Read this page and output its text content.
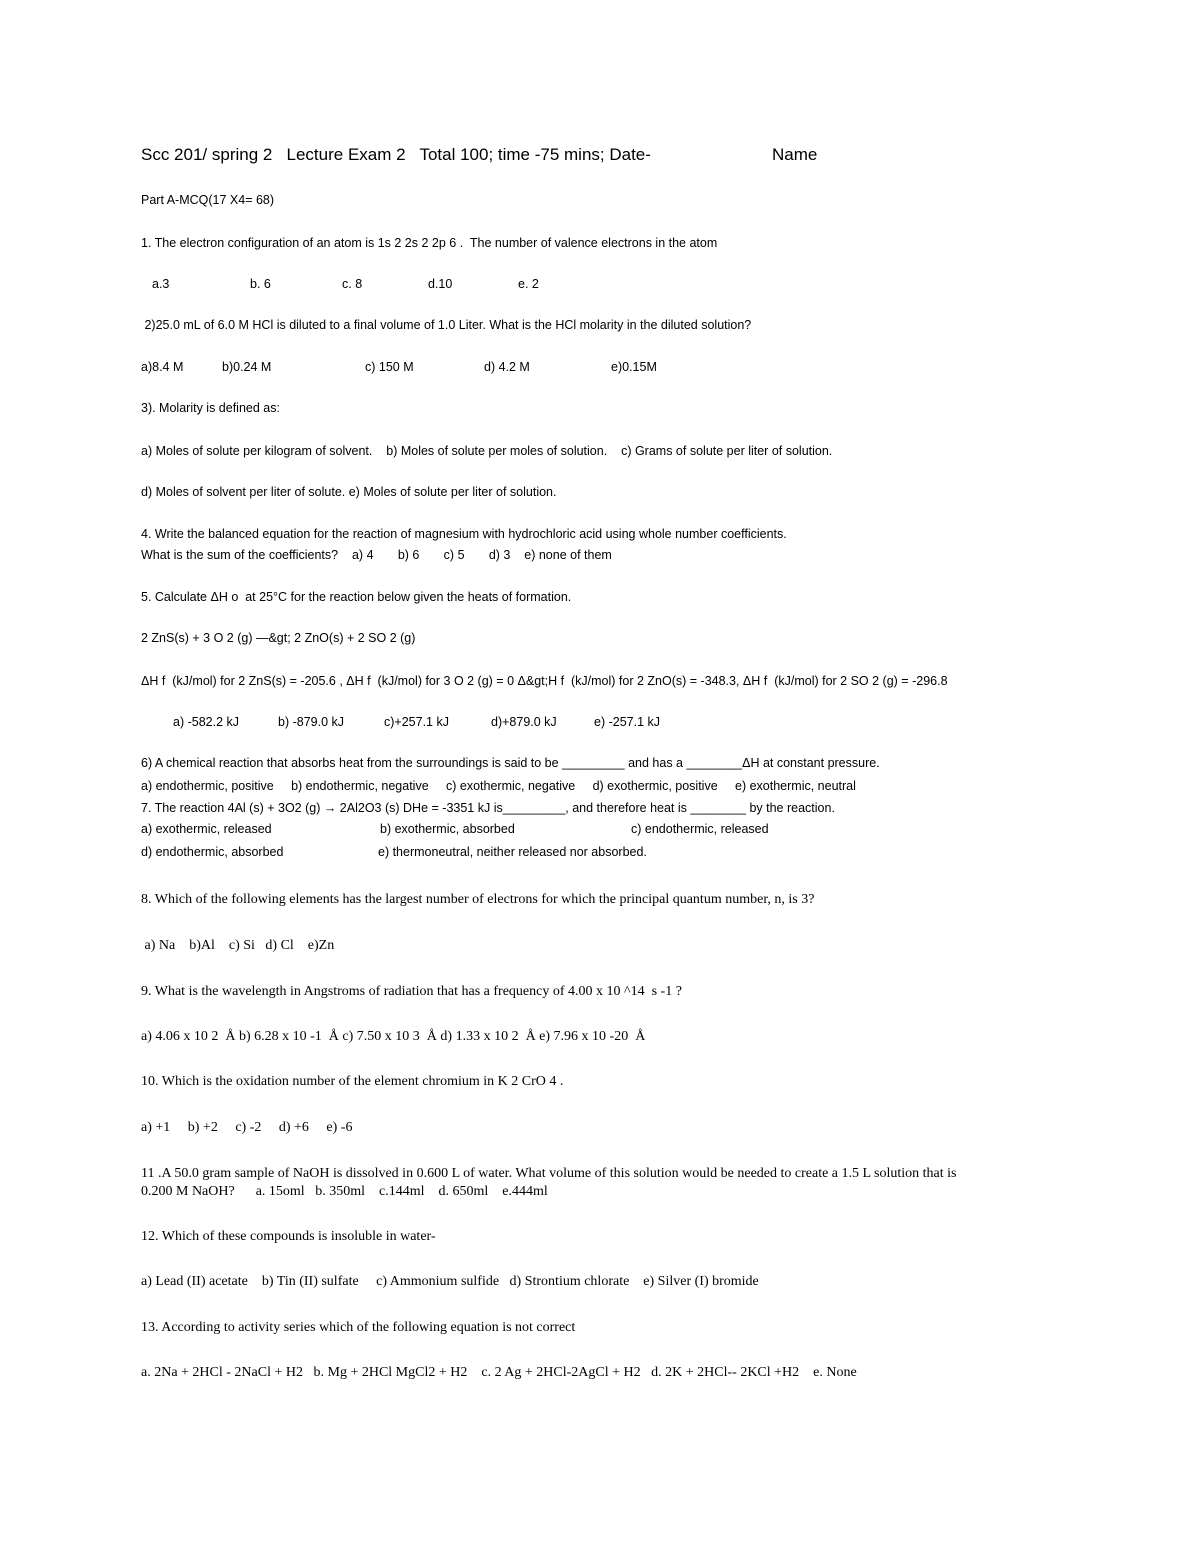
Scc 201/ spring 2   Lecture Exam 2   Total 100; time -75 mins; Date-	Name
Part A-MCQ(17 X4= 68)
1. The electron configuration of an atom is 1s 2 2s 2 2p 6 .  The number of valence electrons in the atom
a.3	b. 6	c. 8	d.10	e. 2
2)25.0 mL of 6.0 M HCl is diluted to a final volume of 1.0 Liter. What is the HCl molarity in the diluted solution?
a)8.4 M	b)0.24 M	c) 150 M	d) 4.2 M	e)0.15M
3). Molarity is defined as:
a) Moles of solute per kilogram of solvent.    b) Moles of solute per moles of solution.    c) Grams of solute per liter of solution.
d) Moles of solvent per liter of solute. e) Moles of solute per liter of solution.
4. Write the balanced equation for the reaction of magnesium with hydrochloric acid using whole number coefficients.
What is the sum of the coefficients?    a) 4       b) 6       c) 5       d) 3    e) none of them
5. Calculate ΔH o  at 25°C for the reaction below given the heats of formation.
2 ZnS(s) + 3 O 2 (g) —&gt; 2 ZnO(s) + 2 SO 2 (g)
ΔH f  (kJ/mol) for 2 ZnS(s) = -205.6 , ΔH f  (kJ/mol) for 3 O 2 (g) = 0 Δ&gt;H f  (kJ/mol) for 2 ZnO(s) = -348.3, ΔH f  (kJ/mol) for 2 SO 2 (g) = -296.8
a) -582.2 kJ	b) -879.0 kJ	c)+257.1 kJ	d)+879.0 kJ	e) -257.1 kJ
6) A chemical reaction that absorbs heat from the surroundings is said to be _________ and has a ________ΔH at constant pressure.
a) endothermic, positive     b) endothermic, negative     c) exothermic, negative     d) exothermic, positive     e) exothermic, neutral
7. The reaction 4Al (s) + 3O2 (g) → 2Al2O3 (s) DHe = -3351 kJ is_________, and therefore heat is ________ by the reaction.
a) exothermic, released	b) exothermic, absorbed	c) endothermic, released
d) endothermic, absorbed	e) thermoneutral, neither released nor absorbed.
8. Which of the following elements has the largest number of electrons for which the principal quantum number, n, is 3?
a) Na    b)Al    c) Si   d) Cl    e)Zn
9. What is the wavelength in Angstroms of radiation that has a frequency of 4.00 x 10 ^14  s -1 ?
a) 4.06 x 10 2  Å b) 6.28 x 10 -1  Å c) 7.50 x 10 3  Å d) 1.33 x 10 2  Å e) 7.96 x 10 -20  Å
10. Which is the oxidation number of the element chromium in K 2 CrO 4 .
a) +1     b) +2     c) -2     d) +6     e) -6
11 .A 50.0 gram sample of NaOH is dissolved in 0.600 L of water. What volume of this solution would be needed to create a 1.5 L solution that is
0.200 M NaOH?      a. 15oml   b. 350ml    c.144ml    d. 650ml    e.444ml
12. Which of these compounds is insoluble in water-
a) Lead (II) acetate    b) Tin (II) sulfate     c) Ammonium sulfide   d) Strontium chlorate    e) Silver (I) bromide
13. According to activity series which of the following equation is not correct
a. 2Na + 2HCl - 2NaCl + H2   b. Mg + 2HCl MgCl2 + H2    c. 2 Ag + 2HCl-2AgCl + H2   d. 2K + 2HCl-- 2KCl +H2    e. None
